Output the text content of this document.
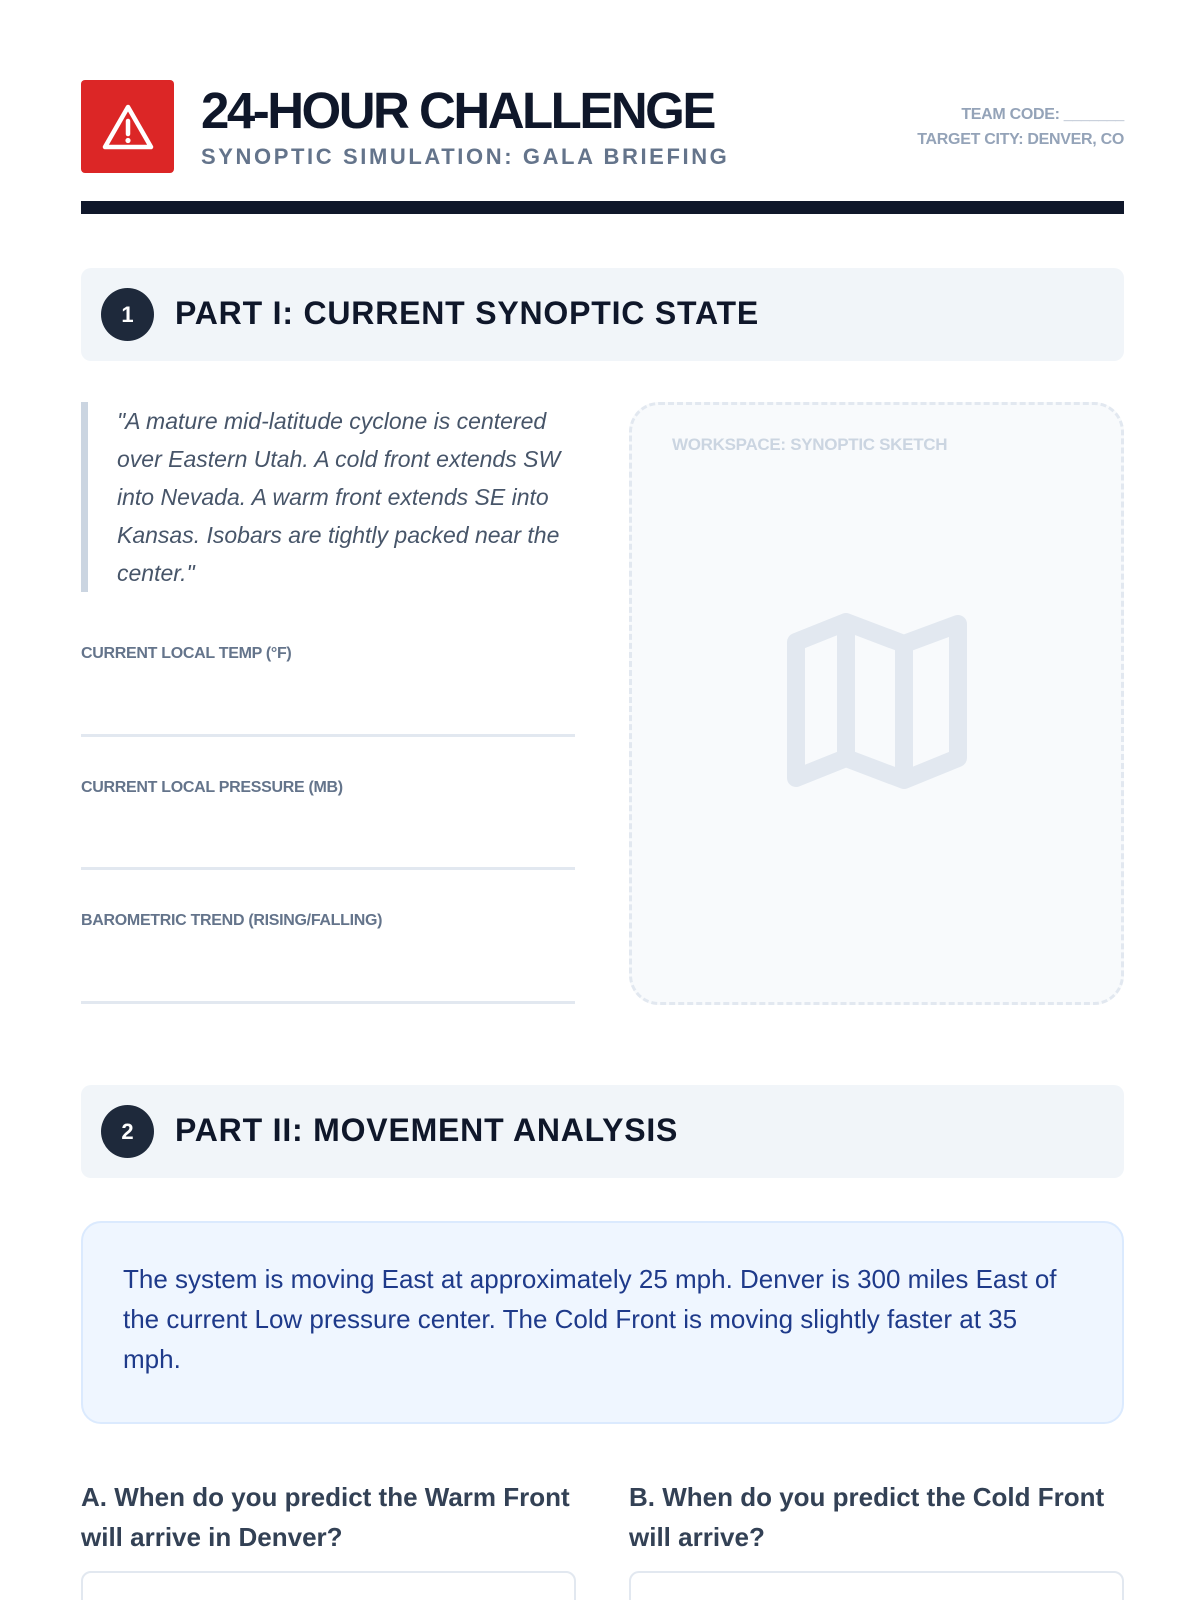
24-HOUR CHALLENGE
SYNOPTIC SIMULATION: GALA BRIEFING
TEAM CODE: _______
TARGET CITY: DENVER, CO
1	PART I: CURRENT SYNOPTIC STATE
"A mature mid-latitude cyclone is centered over Eastern Utah. A cold front extends SW into Nevada. A warm front extends SE into Kansas. Isobars are tightly packed near the center."
CURRENT LOCAL TEMP (°F)
CURRENT LOCAL PRESSURE (MB)
BAROMETRIC TREND (RISING/FALLING)
WORKSPACE: SYNOPTIC SKETCH
2	PART II: MOVEMENT ANALYSIS
The system is moving East at approximately 25 mph. Denver is 300 miles East of the current Low pressure center. The Cold Front is moving slightly faster at 35 mph.
A. When do you predict the Warm Front will arrive in Denver?
B. When do you predict the Cold Front will arrive?
